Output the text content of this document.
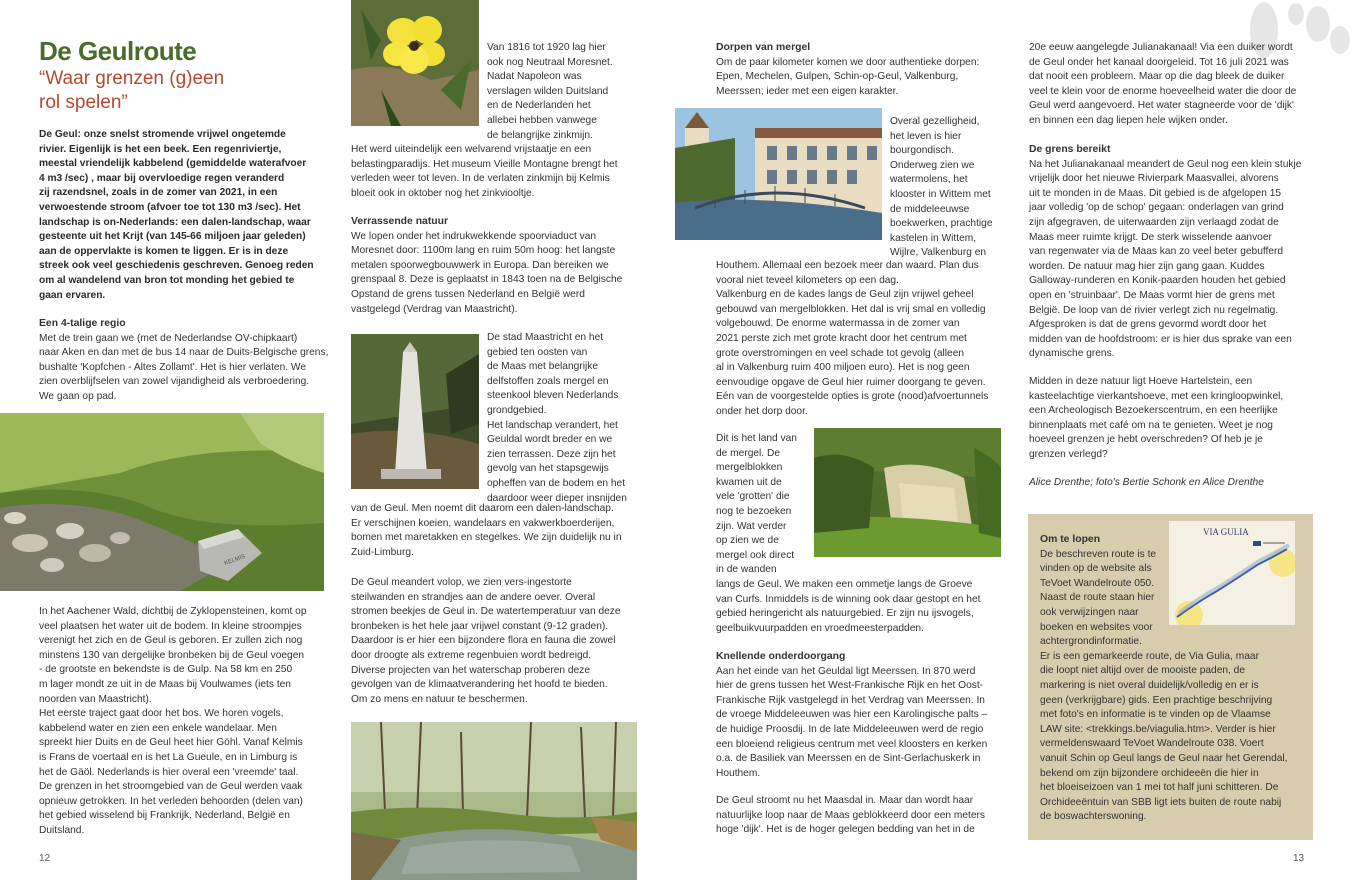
De Geulroute
“Waar grenzen (g)een
rol spelen”
De Geul: onze snelst stromende vrijwel ongetemde
rivier. Eigenlijk is het een beek. Een regenriviertje,
meestal vriendelijk kabbelend (gemiddelde waterafvoer
4 m3 /sec) , maar bij overvloedige regen veranderd
zij razendsnel, zoals in de zomer van 2021, in een
verwoestende stroom (afvoer toe tot 130 m3 /sec). Het
landschap is on-Nederlands: een dalen-landschap, waar
gesteente uit het Krijt (van 145-66 miljoen jaar geleden)
aan de oppervlakte is komen te liggen. Er is in deze
streek ook veel geschiedenis geschreven. Genoeg reden
om al wandelend van bron tot monding het gebied te
gaan ervaren.
Een 4-talige regio
Met de trein gaan we (met de Nederlandse OV-chipkaart)
naar Aken en dan met de bus 14 naar de Duits-Belgische grens,
bushalte 'Kopfchen - Altes Zollamt'. Het is hier verlaten. We
zien overblijfselen van zowel vijandigheid als verbroedering.
We gaan op pad.
KELMIS
In het Aachener Wald, dichtbij de Zyklopensteinen, komt op
veel plaatsen het water uit de bodem. In kleine stroompjes
verenigt het zich en de Geul is geboren. Er zullen zich nog
minstens 130 van dergelijke bronbeken bij de Geul voegen
- de grootste en bekendste is de Gulp. Na 58 km en 250
m lager mondt ze uit in de Maas bij Voulwames (iets ten
noorden van Maastricht).
Het eerste traject gaat door het bos. We horen vogels,
kabbelend water en zien een enkele wandelaar. Men
spreekt hier Duits en de Geul heet hier Göhl. Vanaf Kelmis
is Frans de voertaal en is het La Gueule, en in Limburg is
het de Gäöl. Nederlands is hier overal een 'vreemde' taal.
De grenzen in het stroomgebied van de Geul werden vaak
opnieuw getrokken. In het verleden behoorden (delen van)
het gebied wisselend bij Frankrijk, Nederland, België en
Duitsland.
12
Van 1816 tot 1920 lag hier
ook nog Neutraal Moresnet.
Nadat Napoleon was
verslagen wilden Duitsland
en de Nederlanden het
allebei hebben vanwege
de belangrijke zinkmijn.
Het werd uiteindelijk een welvarend vrijstaatje en een
belastingparadijs. Het museum Vieille Montagne brengt het
verleden weer tot leven. In de verlaten zinkmijn bij Kelmis
bloeit ook in oktober nog het zinkviooltje.
Verrassende natuur
We lopen onder het indrukwekkende spoorviaduct van
Moresnet door: 1100m lang en ruim 50m hoog: het langste
metalen spoorwegbouwwerk in Europa. Dan bereiken we
grenspaal 8. Deze is geplaatst in 1843 toen na de Belgische
Opstand de grens tussen Nederland en België werd
vastgelegd (Verdrag van Maastricht).
De stad Maastricht en het
gebied ten oosten van
de Maas met belangrijke
delfstoffen zoals mergel en
steenkool bleven Nederlands
grondgebied.
Het landschap verandert, het
Geuldal wordt breder en we
zien terrassen. Deze zijn het
gevolg van het stapsgewijs
opheffen van de bodem en het
daardoor weer dieper insnijden
van de Geul. Men noemt dit daarom een dalen-landschap.
Er verschijnen koeien, wandelaars en vakwerkboerderijen,
bomen met maretakken en stegelkes. We zijn duidelijk nu in
Zuid-Limburg.
De Geul meandert volop, we zien vers-ingestorte
steilwanden en strandjes aan de andere oever. Overal
stromen beekjes de Geul in. De watertemperatuur van deze
bronbeken is het hele jaar vrijwel constant (9-12 graden).
Daardoor is er hier een bijzondere flora en fauna die zowel
door droogte als extreme regenbuien wordt bedreigd.
Diverse projecten van het waterschap proberen deze
gevolgen van de klimaatverandering het hoofd te bieden.
Om zo mens en natuur te beschermen.
Dorpen van mergel
Om de paar kilometer komen we door authentieke dorpen:
Epen, Mechelen, Gulpen, Schin-op-Geul, Valkenburg,
Meerssen; ieder met een eigen karakter.
Overal gezelligheid,
het leven is hier
bourgondisch.
Onderweg zien we
watermolens, het
klooster in Wittem met
de middeleeuwse
boekwerken, prachtige
kastelen in Wittem,
Wijlre, Valkenburg en
Houthem. Allemaal een bezoek meer dan waard. Plan dus
vooral niet teveel kilometers op een dag.
Valkenburg en de kades langs de Geul zijn vrijwel geheel
gebouwd van mergelblokken. Het dal is vrij smal en volledig
volgebouwd. De enorme watermassa in de zomer van
2021 perste zich met grote kracht door het centrum met
grote overstromingen en veel schade tot gevolg (alleen
al in Valkenburg ruim 400 miljoen euro). Het is nog geen
eenvoudige opgave de Geul hier ruimer doorgang te geven.
Eén van de voorgestelde opties is grote (nood)afvoertunnels
onder het dorp door.
Dit is het land van
de mergel. De
mergelblokken
kwamen uit de
vele 'grotten' die
nog te bezoeken
zijn. Wat verder
op zien we de
mergel ook direct
in de wanden
langs de Geul. We maken een ommetje langs de Groeve
van Curfs. Inmiddels is de winning ook daar gestopt en het
gebied heringericht als natuurgebied. Er zijn nu ijsvogels,
geelbuikvuurpadden en vroedmeesterpadden.
Knellende onderdoorgang
Aan het einde van het Geuldal ligt Meerssen. In 870 werd
hier de grens tussen het West-Frankische Rijk en het Oost-
Frankische Rijk vastgelegd in het Verdrag van Meerssen. In
de vroege Middeleeuwen was hier een Karolingische palts –
de huidige Proosdij. In de late Middeleeuwen werd de regio
een bloeiend religieus centrum met veel kloosters en kerken
o.a. de Basiliek van Meerssen en de Sint-Gerlachuskerk in
Houthem.
De Geul stroomt nu het Maasdal in. Maar dan wordt haar
natuurlijke loop naar de Maas geblokkeerd door een meters
hoge 'dijk'. Het is de hoger gelegen bedding van het in de
20e eeuw aangelegde Julianakanaal! Via een duiker wordt
de Geul onder het kanaal doorgeleid. Tot 16 juli 2021 was
dat nooit een probleem. Maar op die dag bleek de duiker
veel te klein voor de enorme hoeveelheid water die door de
Geul werd aangevoerd. Het water stagneerde voor de 'dijk'
en binnen een dag liepen hele wijken onder.
De grens bereikt
Na het Julianakanaal meandert de Geul nog een klein stukje
vrijelijk door het nieuwe Rivierpark Maasvallei, alvorens
uit te monden in de Maas. Dit gebied is de afgelopen 15
jaar volledig 'op de schop' gegaan: onderlagen van grind
zijn afgegraven, de uiterwaarden zijn verlaagd zodat de
Maas meer ruimte krijgt. De sterk wisselende aanvoer
van regenwater via de Maas kan zo veel beter gebufferd
worden. De natuur mag hier zijn gang gaan. Kuddes
Galloway-runderen en Konik-paarden houden het gebied
open en 'struinbaar'. De Maas vormt hier de grens met
België. De loop van de rivier verlegt zich nu regelmatig.
Afgesproken is dat de grens gevormd wordt door het
midden van de hoofdstroom: er is hier dus sprake van een
dynamische grens.
Midden in deze natuur ligt Hoeve Hartelstein, een
kasteelachtige vierkantshoeve, met een kringloopwinkel,
een Archeologisch Bezoekerscentrum, en een heerlijke
binnenplaats met café om na te genieten. Weet je nog
hoeveel grenzen je hebt overschreden? Of heb je je
grenzen verlegd?
Alice Drenthe; foto's Bertie Schonk en Alice Drenthe
VIA GULIA
Om te lopen
De beschreven route is te
vinden op de website als
TeVoet Wandelroute 050.
Naast de route staan hier
ook verwijzingen naar
boeken en websites voor
achtergrondinformatie.
Er is een gemarkeerde route, de Via Gulia, maar
die loopt niet altijd over de mooiste paden, de
markering is niet overal duidelijk/volledig en er is
geen (verkrijgbare) gids. Een prachtige beschrijving
met foto's en informatie is te vinden op de Vlaamse
LAW site: <trekkings.be/viagulia.htm>. Verder is hier
vermeldenswaard TeVoet Wandelroute 038. Voert
vanuit Schin op Geul langs de Geul naar het Gerendal,
bekend om zijn bijzondere orchideeën die hier in
het bloeiseizoen van 1 mei tot half juni schitteren. De
Orchideeëntuin van SBB ligt iets buiten de route nabij
de boswachterswoning.
13
